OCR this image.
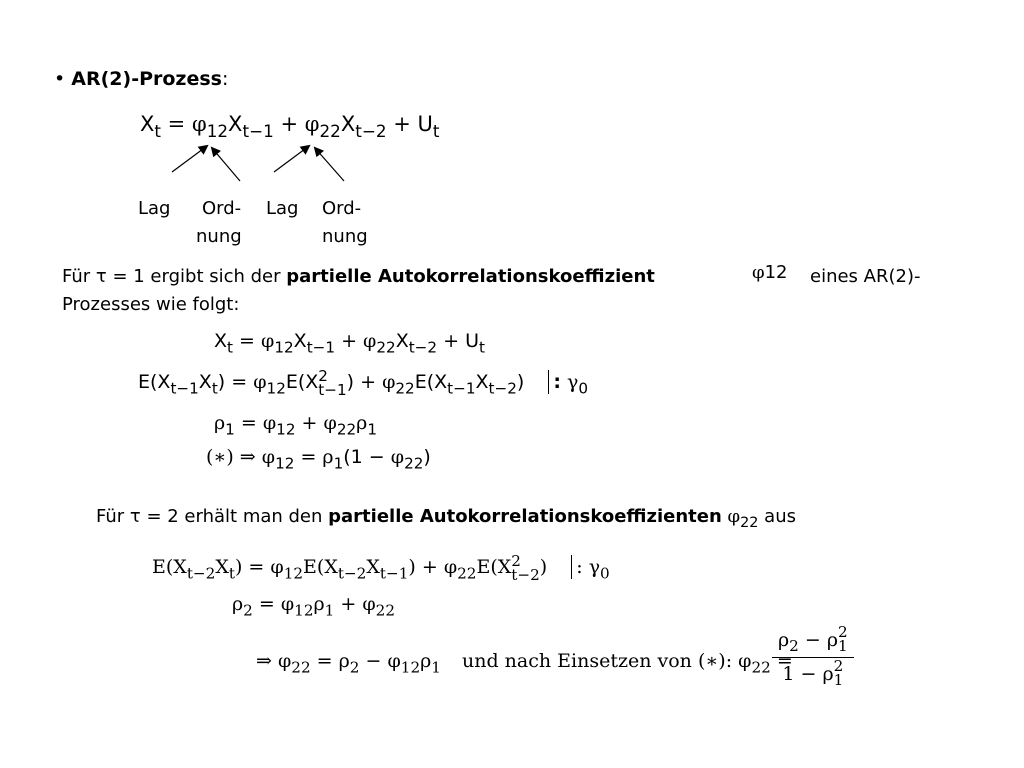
• AR(2)-Prozess:
$X_t = \varphi_{12}X_{t-1} + \varphi_{22}X_{t-2} + U_t$
Lag Ord-
nung
Lag Ord-
nung
Für τ = 1 ergibt sich der partielle Autokorrelationskoeffizient	φ12 eines AR(2)-
Prozesses wie folgt:
$X_t = \varphi_{12}X_{t-1} + \varphi_{22}X_{t-2} + U_t$
$E(X_{t-1}X_t) = \varphi_{12}E(X$ 2
t−1 ) + $\varphi_{22}E(X_{t-1}X_{t-2})$ : $\gamma_0$
$\rho_1 = \varphi_{12} + \varphi_{22}\rho_1$
(∗) ⇒ $\varphi_{12} = \rho_1(1 - \varphi_{22})$
Für τ = 2 erhält man den partielle Autokorrelationskoeffizienten $\varphi_{22}$ aus
$E(X_{t-2}X_t) = \varphi_{12}E(X_{t-2}X_{t-1}) + \varphi_{22}E(X$ 2
t−2 ) : $\gamma_0$
$\rho_2 = \varphi_{12}\rho_1 + \varphi_{22}$
⇒ $\varphi_{22} = \rho_2 - \varphi_{12}\rho_1$ und nach Einsetzen von (∗): $\varphi_{22}$ =
$\rho_2 - \rho$ 2
1
1 − ρ 2
1
